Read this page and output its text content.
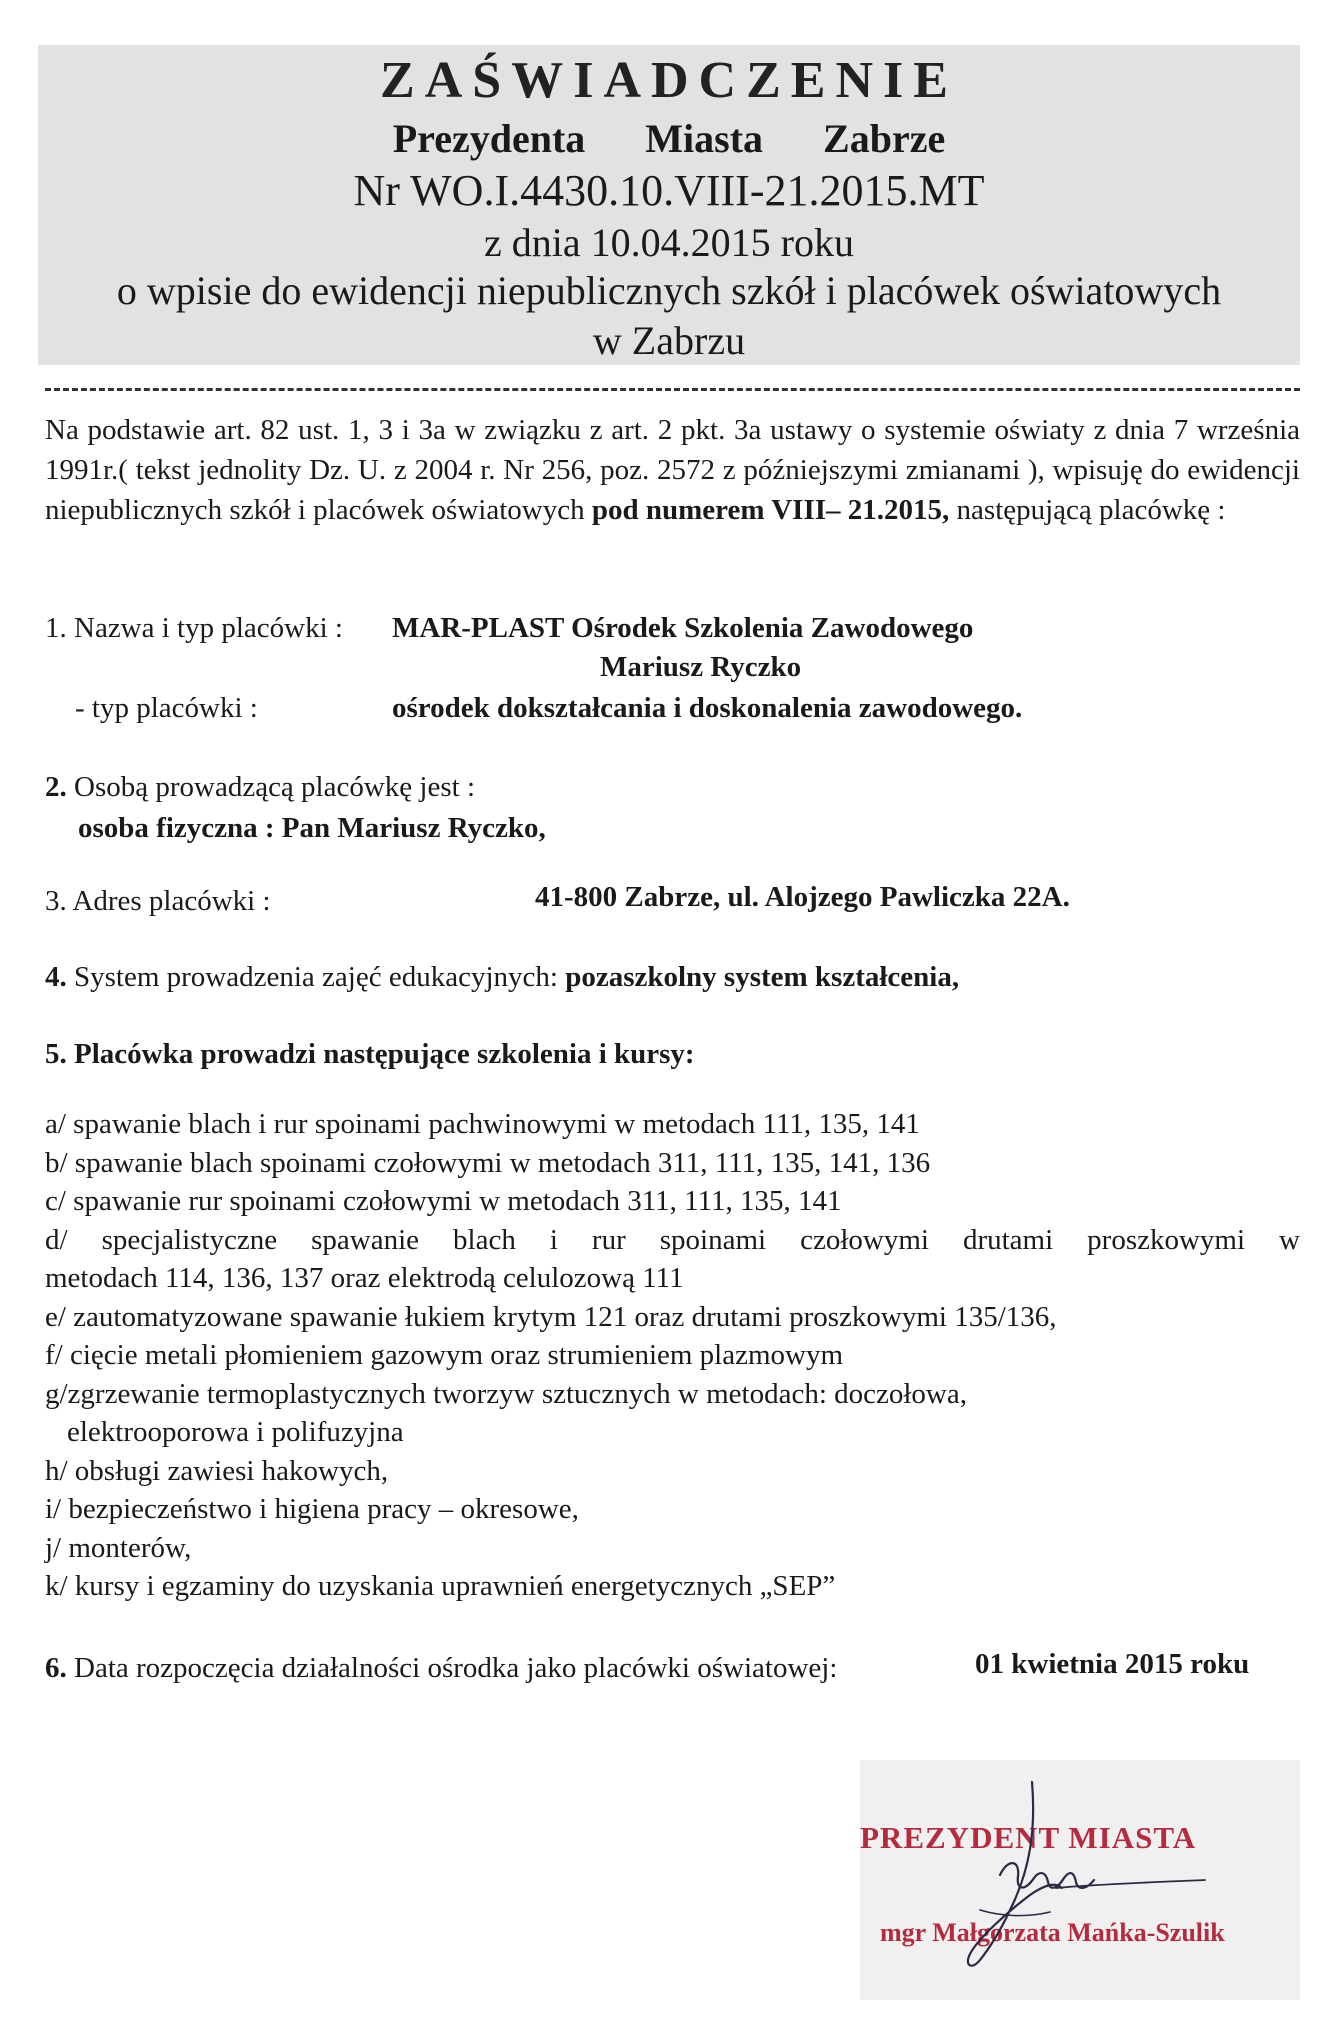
ZAŚWIADCZENIE
Prezydenta Miasta Zabrze
Nr WO.I.4430.10.VIII-21.2015.MT
z dnia 10.04.2015 roku
o wpisie do ewidencji niepublicznych szkół i placówek oświatowych
w Zabrzu
Na podstawie art. 82 ust. 1, 3 i 3a w związku z art. 2 pkt. 3a ustawy o systemie oświaty z dnia 7 września 1991r.( tekst jednolity Dz. U. z 2004 r. Nr 256, poz. 2572 z późniejszymi zmianami ), wpisuję do ewidencji niepublicznych szkół i placówek oświatowych pod numerem VIII– 21.2015, następującą placówkę :
1. Nazwa i typ placówki : MAR-PLAST Ośrodek Szkolenia Zawodowego
Mariusz Ryczko
- typ placówki :	ośrodek dokształcania i doskonalenia zawodowego.
2. Osobą prowadzącą placówkę jest :
osoba fizyczna : Pan Mariusz Ryczko,
3. Adres placówki :	41-800 Zabrze, ul. Alojzego Pawliczka 22A.
4. System prowadzenia zajęć edukacyjnych: pozaszkolny system kształcenia,
5. Placówka prowadzi następujące szkolenia i kursy:
a/ spawanie blach i rur spoinami pachwinowymi w metodach 111, 135, 141
b/ spawanie blach spoinami czołowymi w metodach 311, 111, 135, 141, 136
c/ spawanie rur spoinami czołowymi w metodach 311, 111, 135, 141
d/ specjalistyczne spawanie blach i rur spoinami czołowymi drutami proszkowymi w
metodach 114, 136, 137 oraz elektrodą celulozową 111
e/ zautomatyzowane spawanie łukiem krytym 121 oraz drutami proszkowymi 135/136,
f/ cięcie metali płomieniem gazowym oraz strumieniem plazmowym
g/zgrzewanie termoplastycznych tworzyw sztucznych w metodach: doczołowa,
elektrooporowa i polifuzyjna
h/ obsługi zawiesi hakowych,
i/ bezpieczeństwo i higiena pracy – okresowe,
j/ monterów,
k/ kursy i egzaminy do uzyskania uprawnień energetycznych „SEP”
6. Data rozpoczęcia działalności ośrodka jako placówki oświatowej:	01 kwietnia 2015 roku
PREZYDENT MIASTA
mgr Małgorzata Mańka-Szulik
